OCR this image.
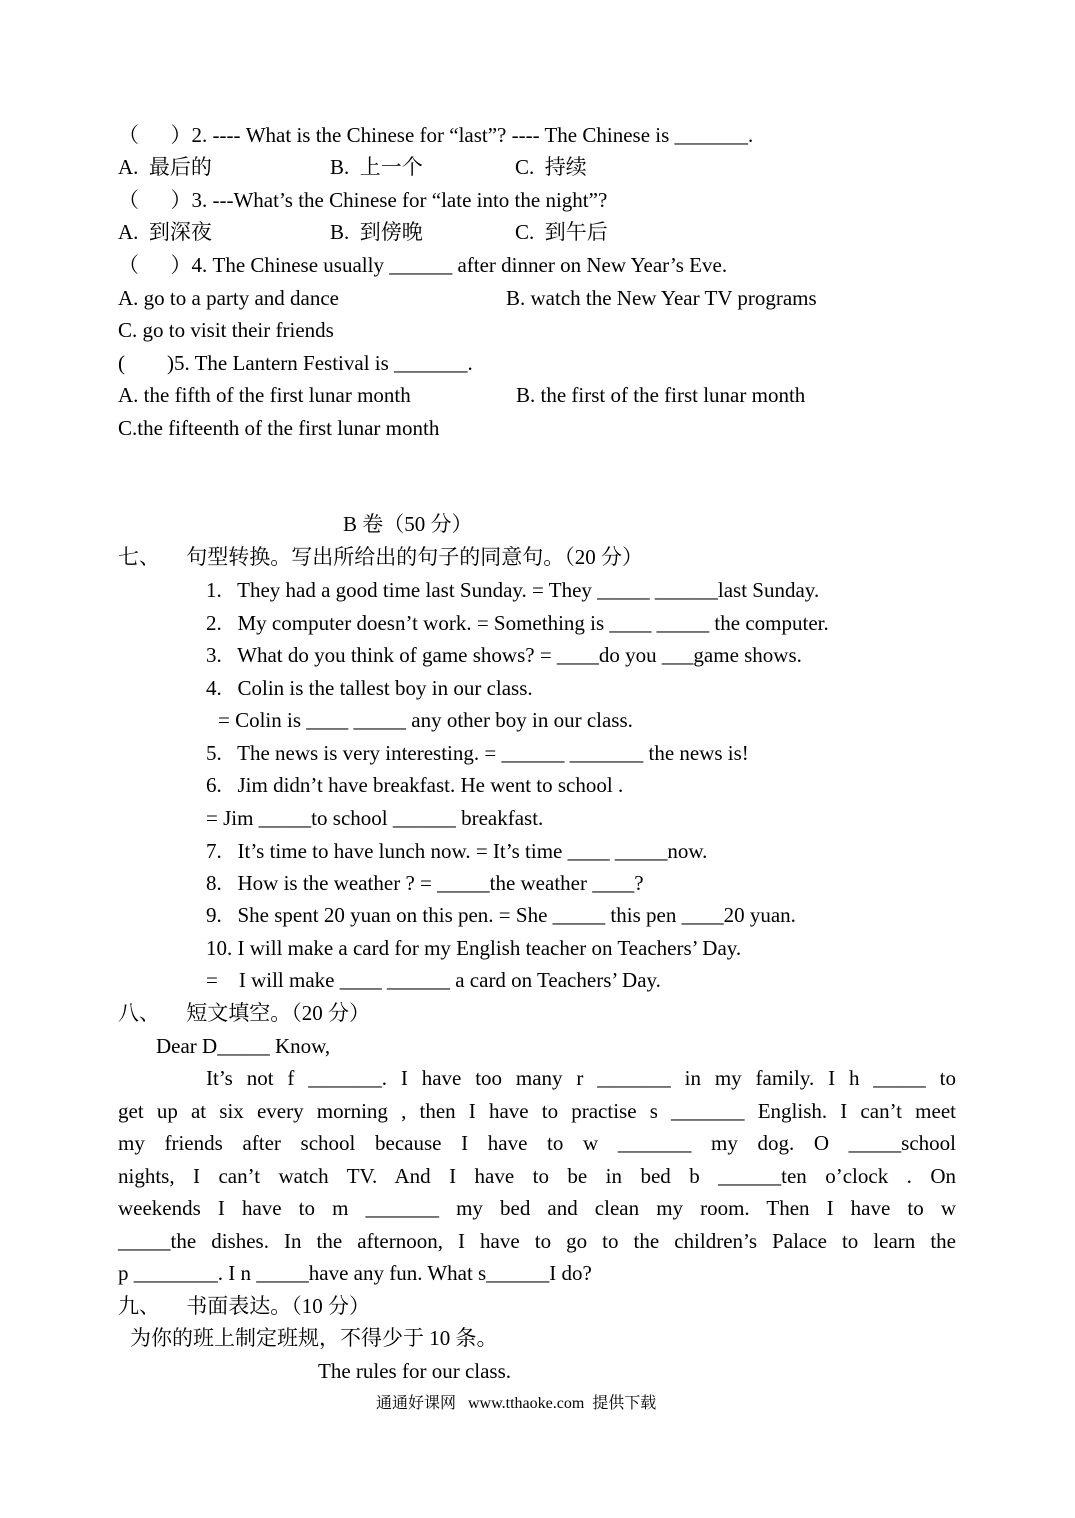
（      ）2. ---- What is the Chinese for “last”? ---- The Chinese is _______.
A.  最后的	B.  上一个	C.  持续
（      ）3. ---What’s the Chinese for “late into the night”?
A.  到深夜	B.  到傍晚	C.  到午后
（      ）4. The Chinese usually ______ after dinner on New Year’s Eve.
A. go to a party and dance	B. watch the New Year TV programs
C. go to visit their friends
(        )5. The Lantern Festival is _______.
A. the fifth of the first lunar month	B. the first of the first lunar month
C.the fifteenth of the first lunar month
B 卷（50 分）
七、     句型转换。写出所给出的句子的同意句。（20 分）
1.   They had a good time last Sunday. = They _____ ______last Sunday.
2.   My computer doesn’t work. = Something is ____ _____ the computer.
3.   What do you think of game shows? = ____do you ___game shows.
4.   Colin is the tallest boy in our class.
= Colin is ____ _____ any other boy in our class.
5.   The news is very interesting. = ______ _______ the news is!
6.   Jim didn’t have breakfast. He went to school .
= Jim _____to school ______ breakfast.
7.   It’s time to have lunch now. = It’s time ____ _____now.
8.   How is the weather ? = _____the weather ____?
9.   She spent 20 yuan on this pen. = She _____ this pen ____20 yuan.
10. I will make a card for my English teacher on Teachers’ Day.
=    I will make ____ ______ a card on Teachers’ Day.
八、     短文填空。（20 分）
Dear D_____ Know,
It’s not f _______. I have too many r _______ in my family. I h _____ to
get up at six every morning , then I have to practise s _______ English. I can’t meet
my friends after school because I have to w _______ my dog. O _____school
nights, I can’t watch TV. And I have to be in bed b ______ten o’clock . On
weekends I have to m _______ my bed and clean my room. Then I have to w
_____the dishes. In the afternoon, I have to go to the children’s Palace to learn the
p ________. I n _____have any fun. What s______I do?
九、     书面表达。（10 分）
为你的班上制定班规，不得少于 10 条。
The rules for our class.
通通好课网   www.tthaoke.com  提供下载
